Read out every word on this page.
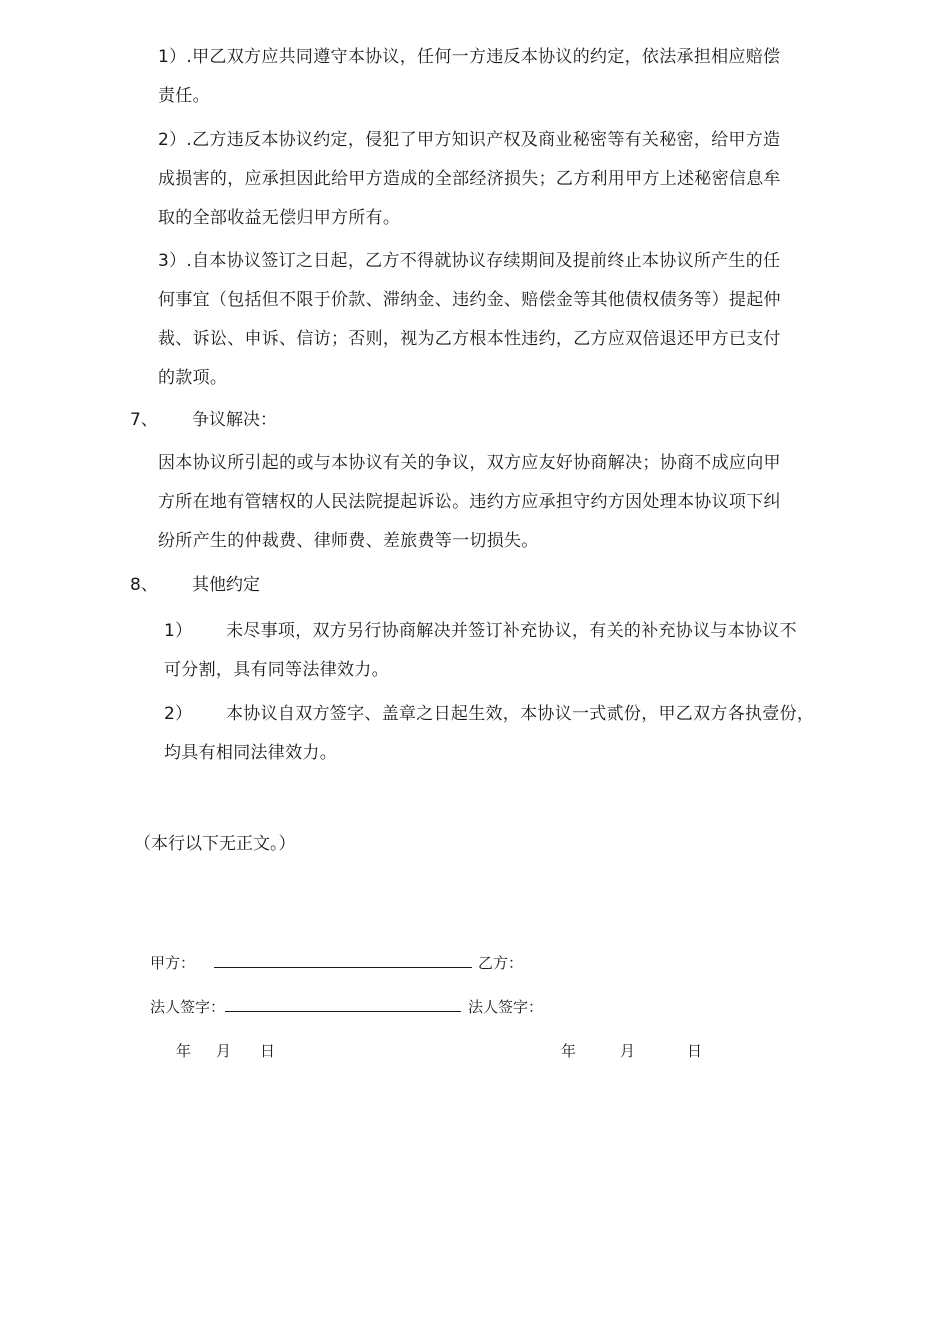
1）.甲乙双方应共同遵守本协议，任何一方违反本协议的约定，依法承担相应赔偿
责任。
2）.乙方违反本协议约定，侵犯了甲方知识产权及商业秘密等有关秘密，给甲方造
成损害的，应承担因此给甲方造成的全部经济损失；乙方利用甲方上述秘密信息牟
取的全部收益无偿归甲方所有。
3）.自本协议签订之日起，乙方不得就协议存续期间及提前终止本协议所产生的任
何事宜（包括但不限于价款、滞纳金、违约金、赔偿金等其他债权债务等）提起仲
裁、诉讼、申诉、信访；否则，视为乙方根本性违约，乙方应双倍退还甲方已支付
的款项。
7、 争议解决：
因本协议所引起的或与本协议有关的争议，双方应友好协商解决；协商不成应向甲
方所在地有管辖权的人民法院提起诉讼。违约方应承担守约方因处理本协议项下纠
纷所产生的仲裁费、律师费、差旅费等一切损失。
8、 其他约定
1） 未尽事项，双方另行协商解决并签订补充协议，有关的补充协议与本协议不
可分割，具有同等法律效力。
2） 本协议自双方签字、盖章之日起生效，本协议一式贰份，甲乙双方各执壹份，
均具有相同法律效力。
（本行以下无正文。）
甲方：	乙方：
法人签字：	法人签字：
年 月 日	年	月	日
